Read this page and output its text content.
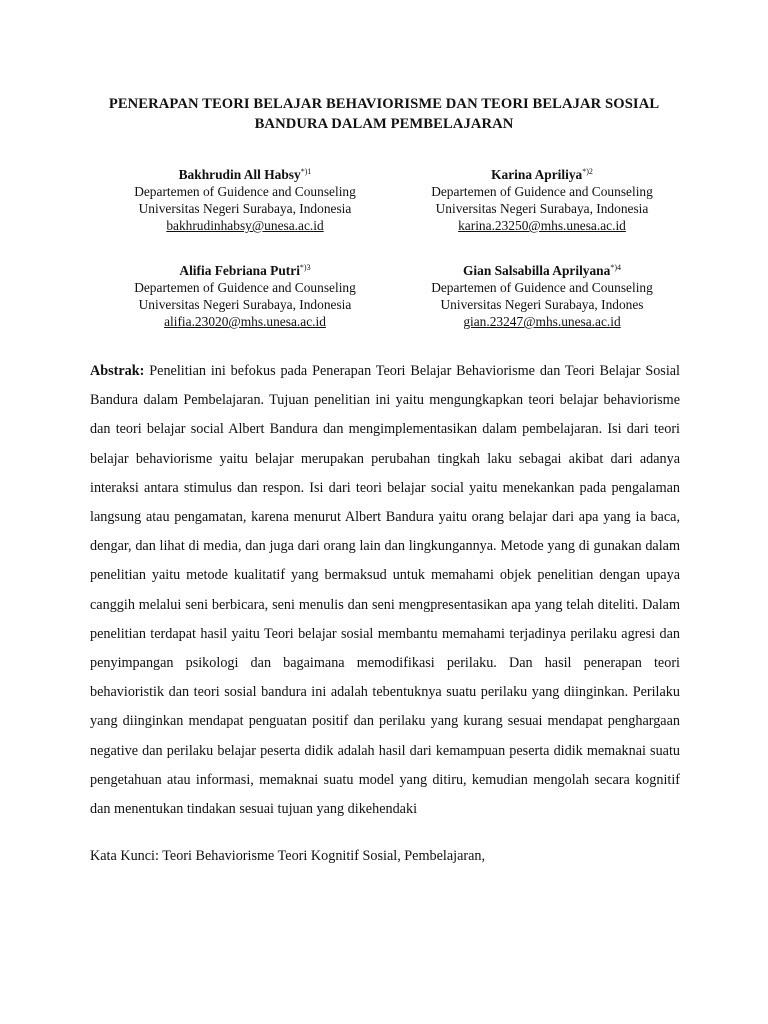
PENERAPAN TEORI BELAJAR BEHAVIORISME DAN TEORI BELAJAR SOSIAL
BANDURA DALAM PEMBELAJARAN
Bakhrudin All Habsy$^{*)1}$
Departemen of Guidence and Counseling
Universitas Negeri Surabaya, Indonesia
bakhrudinhabsy@unesa.ac.id
Karina Apriliya$^{*)2}$
Departemen of Guidence and Counseling
Universitas Negeri Surabaya, Indonesia
karina.23250@mhs.unesa.ac.id
Alifia Febriana Putri$^{*)3}$
Departemen of Guidence and Counseling
Universitas Negeri Surabaya, Indonesia
alifia.23020@mhs.unesa.ac.id
Gian Salsabilla Aprilyana$^{*)4}$
Departemen of Guidence and Counseling
Universitas Negeri Surabaya, Indones
gian.23247@mhs.unesa.ac.id
Abstrak: Penelitian ini befokus pada Penerapan Teori Belajar Behaviorisme dan Teori Belajar Sosial Bandura dalam Pembelajaran. Tujuan penelitian ini yaitu mengungkapkan teori belajar behaviorisme dan teori belajar social Albert Bandura dan mengimplementasikan dalam pembelajaran. Isi dari teori belajar behaviorisme yaitu belajar merupakan perubahan tingkah laku sebagai akibat dari adanya interaksi antara stimulus dan respon. Isi dari teori belajar social yaitu menekankan pada pengalaman langsung atau pengamatan, karena menurut Albert Bandura yaitu orang belajar dari apa yang ia baca, dengar, dan lihat di media, dan juga dari orang lain dan lingkungannya. Metode yang di gunakan dalam penelitian yaitu metode kualitatif yang bermaksud untuk memahami objek penelitian dengan upaya canggih melalui seni berbicara, seni menulis dan seni mengpresentasikan apa yang telah diteliti. Dalam penelitian terdapat hasil yaitu Teori belajar sosial membantu memahami terjadinya perilaku agresi dan penyimpangan psikologi dan bagaimana memodifikasi perilaku. Dan hasil penerapan teori behavioristik dan teori sosial bandura ini adalah tebentuknya suatu perilaku yang diinginkan. Perilaku yang diinginkan mendapat penguatan positif dan perilaku yang kurang sesuai mendapat penghargaan negative dan perilaku belajar peserta didik adalah hasil dari kemampuan peserta didik memaknai suatu pengetahuan atau informasi, memaknai suatu model yang ditiru, kemudian mengolah secara kognitif dan menentukan tindakan sesuai tujuan yang dikehendaki
Kata Kunci: Teori Behaviorisme Teori Kognitif Sosial, Pembelajaran,
